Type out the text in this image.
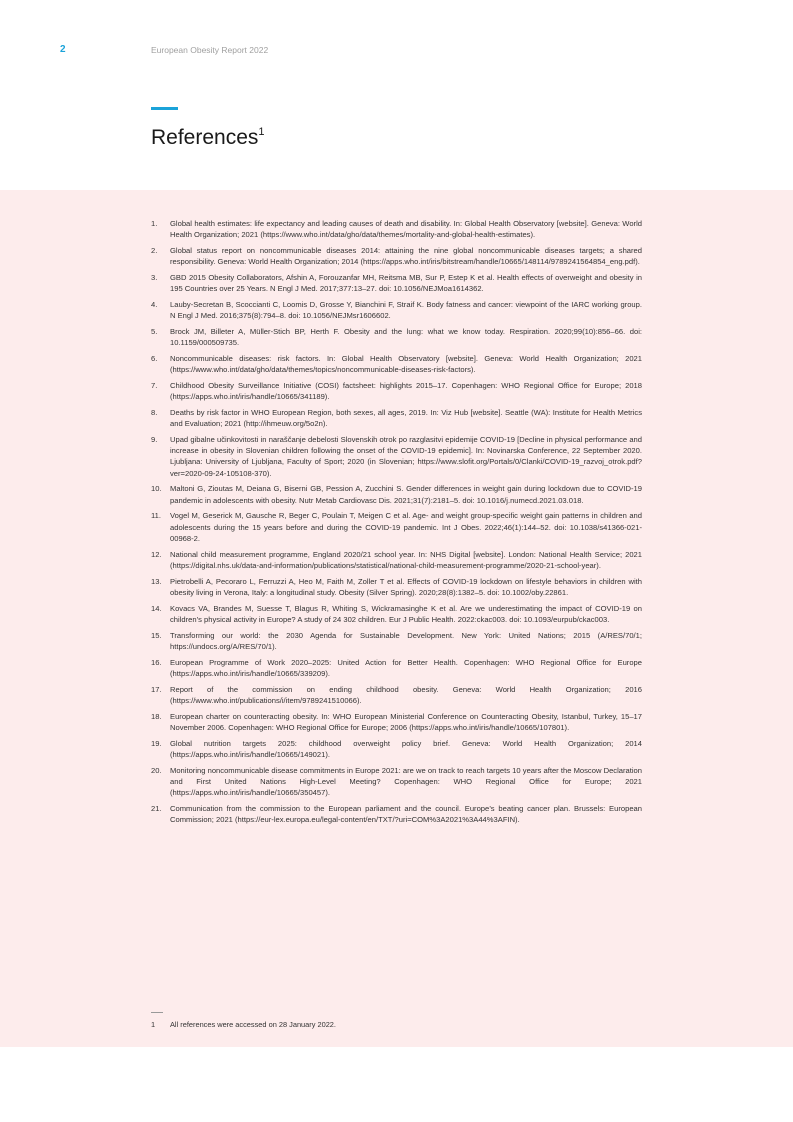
2	European Obesity Report 2022
References$^1$
1. Global health estimates: life expectancy and leading causes of death and disability. In: Global Health Observatory [website]. Geneva: World Health Organization; 2021 (https://www.who.int/data/gho/data/themes/mortality-and-global-health-estimates).
2. Global status report on noncommunicable diseases 2014: attaining the nine global noncommunicable diseases targets; a shared responsibility. Geneva: World Health Organization; 2014 (https://apps.who.int/iris/bitstream/handle/10665/148114/9789241564854_eng.pdf).
3. GBD 2015 Obesity Collaborators, Afshin A, Forouzanfar MH, Reitsma MB, Sur P, Estep K et al. Health effects of overweight and obesity in 195 Countries over 25 Years. N Engl J Med. 2017;377:13–27. doi: 10.1056/NEJMoa1614362.
4. Lauby-Secretan B, Scoccianti C, Loomis D, Grosse Y, Bianchini F, Straif K. Body fatness and cancer: viewpoint of the IARC working group. N Engl J Med. 2016;375(8):794–8. doi: 10.1056/NEJMsr1606602.
5. Brock JM, Billeter A, Müller-Stich BP, Herth F. Obesity and the lung: what we know today. Respiration. 2020;99(10):856–66. doi: 10.1159/000509735.
6. Noncommunicable diseases: risk factors. In: Global Health Observatory [website]. Geneva: World Health Organization; 2021 (https://www.who.int/data/gho/data/themes/topics/noncommunicable-diseases-risk-factors).
7. Childhood Obesity Surveillance Initiative (COSI) factsheet: highlights 2015–17. Copenhagen: WHO Regional Office for Europe; 2018 (https://apps.who.int/iris/handle/10665/341189).
8. Deaths by risk factor in WHO European Region, both sexes, all ages, 2019. In: Viz Hub [website]. Seattle (WA): Institute for Health Metrics and Evaluation; 2021 (http://ihmeuw.org/5o2n).
9. Upad gibalne učinkovitosti in naraščanje debelosti Slovenskih otrok po razglasitvi epidemije COVID-19 [Decline in physical performance and increase in obesity in Slovenian children following the onset of the COVID-19 epidemic]. In: Novinarska Conference, 22 September 2020. Ljubljana: University of Ljubljana, Faculty of Sport; 2020 (in Slovenian; https://www.slofit.org/Portals/0/Clanki/COVID-19_razvoj_otrok.pdf?ver=2020-09-24-105108-370).
10. Maltoni G, Zioutas M, Deiana G, Biserni GB, Pession A, Zucchini S. Gender differences in weight gain during lockdown due to COVID-19 pandemic in adolescents with obesity. Nutr Metab Cardiovasc Dis. 2021;31(7):2181–5. doi: 10.1016/j.numecd.2021.03.018.
11. Vogel M, Geserick M, Gausche R, Beger C, Poulain T, Meigen C et al. Age- and weight group-specific weight gain patterns in children and adolescents during the 15 years before and during the COVID-19 pandemic. Int J Obes. 2022;46(1):144–52. doi: 10.1038/s41366-021-00968-2.
12. National child measurement programme, England 2020/21 school year. In: NHS Digital [website]. London: National Health Service; 2021 (https://digital.nhs.uk/data-and-information/publications/statistical/national-child-measurement-programme/2020-21-school-year).
13. Pietrobelli A, Pecoraro L, Ferruzzi A, Heo M, Faith M, Zoller T et al. Effects of COVID-19 lockdown on lifestyle behaviors in children with obesity living in Verona, Italy: a longitudinal study. Obesity (Silver Spring). 2020;28(8):1382–5. doi: 10.1002/oby.22861.
14. Kovacs VA, Brandes M, Suesse T, Blagus R, Whiting S, Wickramasinghe K et al. Are we underestimating the impact of COVID-19 on children’s physical activity in Europe? A study of 24 302 children. Eur J Public Health. 2022:ckac003. doi: 10.1093/eurpub/ckac003.
15. Transforming our world: the 2030 Agenda for Sustainable Development. New York: United Nations; 2015 (A/RES/70/1; https://undocs.org/A/RES/70/1).
16. European Programme of Work 2020–2025: United Action for Better Health. Copenhagen: WHO Regional Office for Europe (https://apps.who.int/iris/handle/10665/339209).
17. Report of the commission on ending childhood obesity. Geneva: World Health Organization; 2016 (https://www.who.int/publications/i/item/9789241510066).
18. European charter on counteracting obesity. In: WHO European Ministerial Conference on Counteracting Obesity, Istanbul, Turkey, 15–17 November 2006. Copenhagen: WHO Regional Office for Europe; 2006 (https://apps.who.int/iris/handle/10665/107801).
19. Global nutrition targets 2025: childhood overweight policy brief. Geneva: World Health Organization; 2014 (https://apps.who.int/iris/handle/10665/149021).
20. Monitoring noncommunicable disease commitments in Europe 2021: are we on track to reach targets 10 years after the Moscow Declaration and First United Nations High-Level Meeting? Copenhagen: WHO Regional Office for Europe; 2021 (https://apps.who.int/iris/handle/10665/350457).
21. Communication from the commission to the European parliament and the council. Europe’s beating cancer plan. Brussels: European Commission; 2021 (https://eur-lex.europa.eu/legal-content/en/TXT/?uri=COM%3A2021%3A44%3AFIN).
1 All references were accessed on 28 January 2022.
